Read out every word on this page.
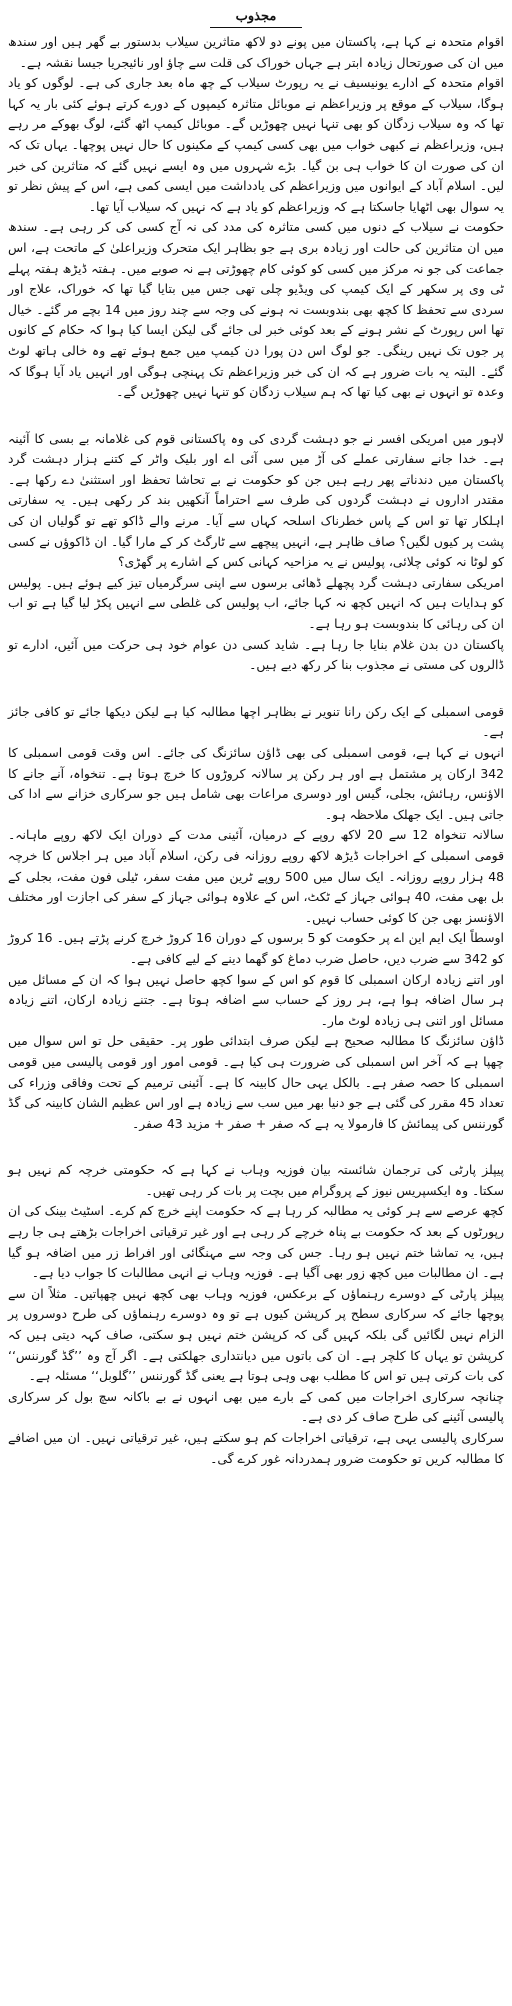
مجذوب

اقوام متحدہ نے کہا ہے، پاکستان میں پونے دو لاکھ متاثرین سیلاب بدستور بے گھر ہیں اور سندھ میں ان کی صورتحال زیادہ ابتر ہے جہاں خوراک کی قلت سے چاؤ اور نائیجریا جیسا نقشہ ہے۔

اقوام متحدہ کے ادارے یونیسیف نے یہ رپورٹ سیلاب کے چھ ماہ بعد جاری کی ہے۔ لوگوں کو یاد ہوگا، سیلاب کے موقع پر وزیراعظم نے موبائل متاثرہ کیمپوں کے دورے کرتے ہوئے کئی بار یہ کہا تھا کہ وہ سیلاب زدگان کو بھی تنہا نہیں چھوڑیں گے۔ موبائل کیمپ اٹھ گئے، لوگ بھوکے مر رہے ہیں، وزیراعظم نے کبھی خواب میں بھی کسی کیمپ کے مکینوں کا حال نہیں پوچھا۔ یہاں تک کہ ان کی صورت ان کا خواب ہی بن گیا۔ بڑے شہروں میں وہ ایسے نہیں گئے کہ متاثرین کی خبر لیں۔ اسلام آباد کے ایوانوں میں وزیراعظم کی یادداشت میں ایسی کمی ہے، اس کے پیش نظر تو یہ سوال بھی اٹھایا جاسکتا ہے کہ وزیراعظم کو یاد ہے کہ نہیں کہ سیلاب آیا تھا۔

حکومت نے سیلاب کے دنوں میں کسی متاثرہ کی مدد کی نہ آج کسی کی کر رہی ہے۔ سندھ میں ان متاثرین کی حالت اور زیادہ بری ہے جو بظاہر ایک متحرک وزیراعلیٰ کے ماتحت ہے، اس جماعت کی جو نہ مرکز میں کسی کو کوئی کام چھوڑتی ہے نہ صوبے میں۔ ہفتہ ڈیڑھ ہفتہ پہلے ٹی وی پر سکھر کے ایک کیمپ کی ویڈیو چلی تھی جس میں بتایا گیا تھا کہ خوراک، علاج اور سردی سے تحفظ کا کچھ بھی بندوبست نہ ہونے کی وجہ سے چند روز میں 14 بچے مر گئے۔ خیال تھا اس رپورٹ کے نشر ہونے کے بعد کوئی خبر لی جائے گی لیکن ایسا کیا ہوا کہ حکام کے کانوں پر جوں تک نہیں رینگی۔ جو لوگ اس دن پورا دن کیمپ میں جمع ہوئے تھے وہ خالی ہاتھ لوٹ گئے۔ البتہ یہ بات ضرور ہے کہ ان کی خبر وزیراعظم تک پہنچی ہوگی اور انہیں یاد آیا ہوگا کہ وعدہ تو انہوں نے بھی کیا تھا کہ ہم سیلاب زدگان کو تنہا نہیں چھوڑیں گے۔

لاہور میں امریکی افسر نے جو دہشت گردی کی وہ پاکستانی قوم کی غلامانہ بے بسی کا آئینہ ہے۔ خدا جانے سفارتی عملے کی آڑ میں سی آئی اے اور بلیک واٹر کے کتنے ہزار دہشت گرد پاکستان میں دندناتے پھر رہے ہیں جن کو حکومت نے بے تحاشا تحفظ اور استثنیٰ دے رکھا ہے۔ مقتدر اداروں نے دہشت گردوں کی طرف سے احتراماً آنکھیں بند کر رکھی ہیں۔ یہ سفارتی اہلکار تھا تو اس کے پاس خطرناک اسلحہ کہاں سے آیا۔ مرنے والے ڈاکو تھے تو گولیاں ان کی پشت پر کیوں لگیں؟ صاف ظاہر ہے، انہیں پیچھے سے ٹارگٹ کر کے مارا گیا۔ ان ڈاکوؤں نے کسی کو لوٹا نہ کوئی چلائی، پولیس نے یہ مزاحیہ کہانی کس کے اشارے پر گھڑی؟

امریکی سفارتی دہشت گرد پچھلے ڈھائی برسوں سے اپنی سرگرمیاں تیز کیے ہوئے ہیں۔ پولیس کو ہدایات ہیں کہ انہیں کچھ نہ کہا جائے، اب پولیس کی غلطی سے انہیں پکڑ لیا گیا ہے تو اب ان کی رہائی کا بندوبست ہو رہا ہے۔

پاکستان دن بدن غلام بنایا جا رہا ہے۔ شاید کسی دن عوام خود ہی حرکت میں آئیں، ادارے تو ڈالروں کی مستی نے مجذوب بنا کر رکھ دیے ہیں۔

قومی اسمبلی کے ایک رکن رانا تنویر نے بظاہر اچھا مطالبہ کیا ہے لیکن دیکھا جائے تو کافی جائز ہے۔

انہوں نے کہا ہے، قومی اسمبلی کی بھی ڈاؤن سائزنگ کی جائے۔ اس وقت قومی اسمبلی کا 342 ارکان پر مشتمل ہے اور ہر رکن پر سالانہ کروڑوں کا خرچ ہوتا ہے۔ تنخواہ، آنے جانے کا الاؤنس، رہائش، بجلی، گیس اور دوسری مراعات بھی شامل ہیں جو سرکاری خزانے سے ادا کی جاتی ہیں۔ ایک جھلک ملاحظہ ہو۔

سالانہ تنخواہ 12 سے 20 لاکھ روپے کے درمیان، آئینی مدت کے دوران ایک لاکھ روپے ماہانہ۔ قومی اسمبلی کے اخراجات ڈیڑھ لاکھ روپے روزانہ فی رکن، اسلام آباد میں ہر اجلاس کا خرچہ 48 ہزار روپے روزانہ۔ ایک سال میں 500 روپے ٹرین میں مفت سفر، ٹیلی فون مفت، بجلی کے بل بھی مفت، 40 ہوائی جہاز کے ٹکٹ، اس کے علاوہ ہوائی جہاز کے سفر کی اجازت اور مختلف الاؤنسز بھی جن کا کوئی حساب نہیں۔

اوسطاً ایک ایم این اے پر حکومت کو 5 برسوں کے دوران 16 کروڑ خرچ کرنے پڑتے ہیں۔ 16 کروڑ کو 342 سے ضرب دیں، حاصل ضرب دماغ کو گھما دینے کے لیے کافی ہے۔

اور اتنے زیادہ ارکان اسمبلی کا قوم کو اس کے سوا کچھ حاصل نہیں ہوا کہ ان کے مسائل میں ہر سال اضافہ ہوا ہے، ہر روز کے حساب سے اضافہ ہوتا ہے۔ جتنے زیادہ ارکان، اتنے زیادہ مسائل اور اتنی ہی زیادہ لوٹ مار۔

ڈاؤن سائزنگ کا مطالبہ صحیح ہے لیکن صرف ابتدائی طور پر۔ حقیقی حل تو اس سوال میں چھپا ہے کہ آخر اس اسمبلی کی ضرورت ہی کیا ہے۔ قومی امور اور قومی پالیسی میں قومی اسمبلی کا حصہ صفر ہے۔ بالکل یہی حال کابینہ کا ہے۔ آئینی ترمیم کے تحت وفاقی وزراء کی تعداد 45 مقرر کی گئی ہے جو دنیا بھر میں سب سے زیادہ ہے اور اس عظیم الشان کابینہ کی گڈ گورننس کی پیمائش کا فارمولا یہ ہے کہ صفر + صفر + مزید 43 صفر۔

پیپلز پارٹی کی ترجمان شائستہ بیان فوزیہ وہاب نے کہا ہے کہ حکومتی خرچہ کم نہیں ہو سکتا۔ وہ ایکسپریس نیوز کے پروگرام میں بچت پر بات کر رہی تھیں۔

کچھ عرصے سے ہر کوئی یہ مطالبہ کر رہا ہے کہ حکومت اپنے خرچ کم کرے۔ اسٹیٹ بینک کی ان رپورٹوں کے بعد کہ حکومت بے پناہ خرچے کر رہی ہے اور غیر ترقیاتی اخراجات بڑھتے ہی جا رہے ہیں، یہ تماشا ختم نہیں ہو رہا۔ جس کی وجہ سے مہنگائی اور افراط زر میں اضافہ ہو گیا ہے۔ ان مطالبات میں کچھ زور بھی آگیا ہے۔ فوزیہ وہاب نے انہی مطالبات کا جواب دیا ہے۔

پیپلز پارٹی کے دوسرے رہنماؤں کے برعکس، فوزیہ وہاب بھی کچھ نہیں چھپاتیں۔ مثلاً ان سے پوچھا جائے کہ سرکاری سطح پر کرپشن کیوں ہے تو وہ دوسرے رہنماؤں کی طرح دوسروں پر الزام نہیں لگائیں گی بلکہ کہیں گی کہ کرپشن ختم نہیں ہو سکتی، صاف کہہ دیتی ہیں کہ کرپشن تو یہاں کا کلچر ہے۔ ان کی باتوں میں دیانتداری جھلکتی ہے۔ اگر آج وہ ’’گڈ گورننس‘‘ کی بات کرتی ہیں تو اس کا مطلب بھی وہی ہوتا ہے یعنی گڈ گورننس ’’گلوبل‘‘ مسئلہ ہے۔

چنانچہ سرکاری اخراجات میں کمی کے بارے میں بھی انہوں نے بے باکانہ سچ بول کر سرکاری پالیسی آئینے کی طرح صاف کر دی ہے۔

سرکاری پالیسی یہی ہے، ترقیاتی اخراجات کم ہو سکتے ہیں، غیر ترقیاتی نہیں۔ ان میں اضافے کا مطالبہ کریں تو حکومت ضرور ہمدردانہ غور کرے گی۔
